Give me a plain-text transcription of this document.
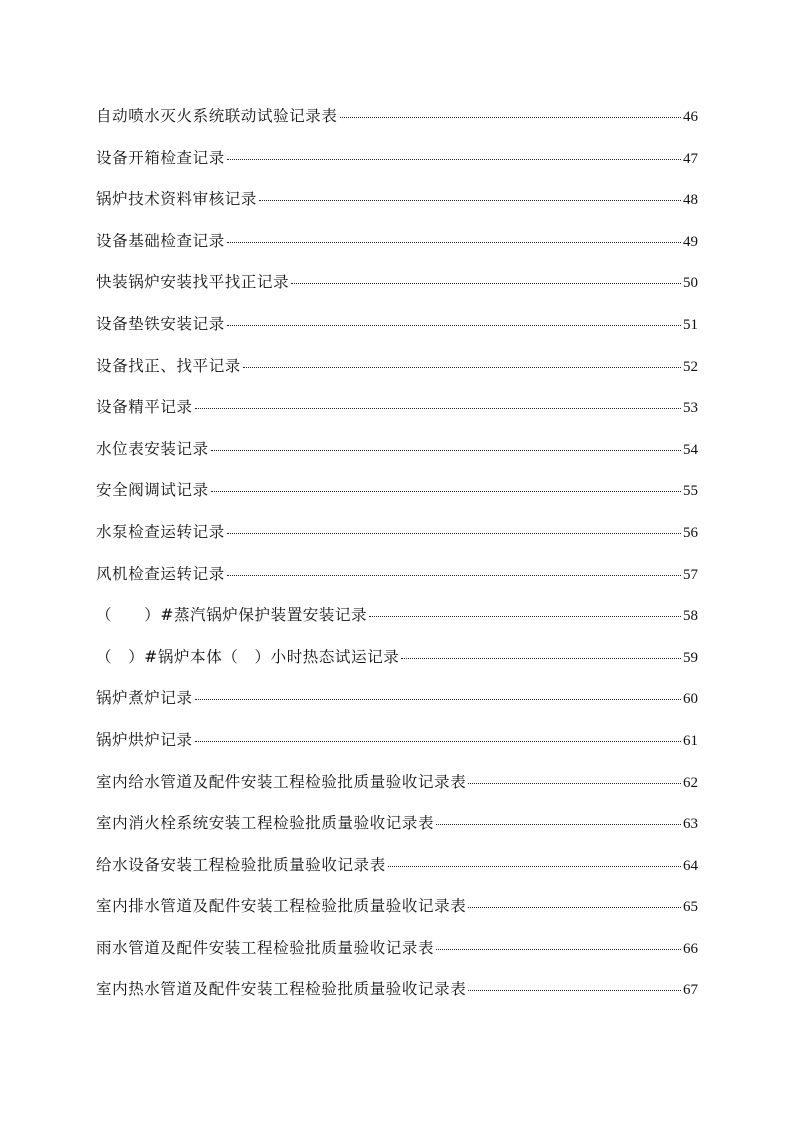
自动喷水灭火系统联动试验记录表	46
设备开箱检查记录	47
锅炉技术资料审核记录	48
设备基础检查记录	49
快装锅炉安装找平找正记录	50
设备垫铁安装记录	51
设备找正、找平记录	52
设备精平记录	53
水位表安装记录	54
安全阀调试记录	55
水泵检查运转记录	56
风机检查运转记录	57
（　　）#蒸汽锅炉保护装置安装记录	58
（　）#锅炉本体（　）小时热态试运记录	59
锅炉煮炉记录	60
锅炉烘炉记录	61
室内给水管道及配件安装工程检验批质量验收记录表	62
室内消火栓系统安装工程检验批质量验收记录表	63
给水设备安装工程检验批质量验收记录表	64
室内排水管道及配件安装工程检验批质量验收记录表	65
雨水管道及配件安装工程检验批质量验收记录表	66
室内热水管道及配件安装工程检验批质量验收记录表	67
